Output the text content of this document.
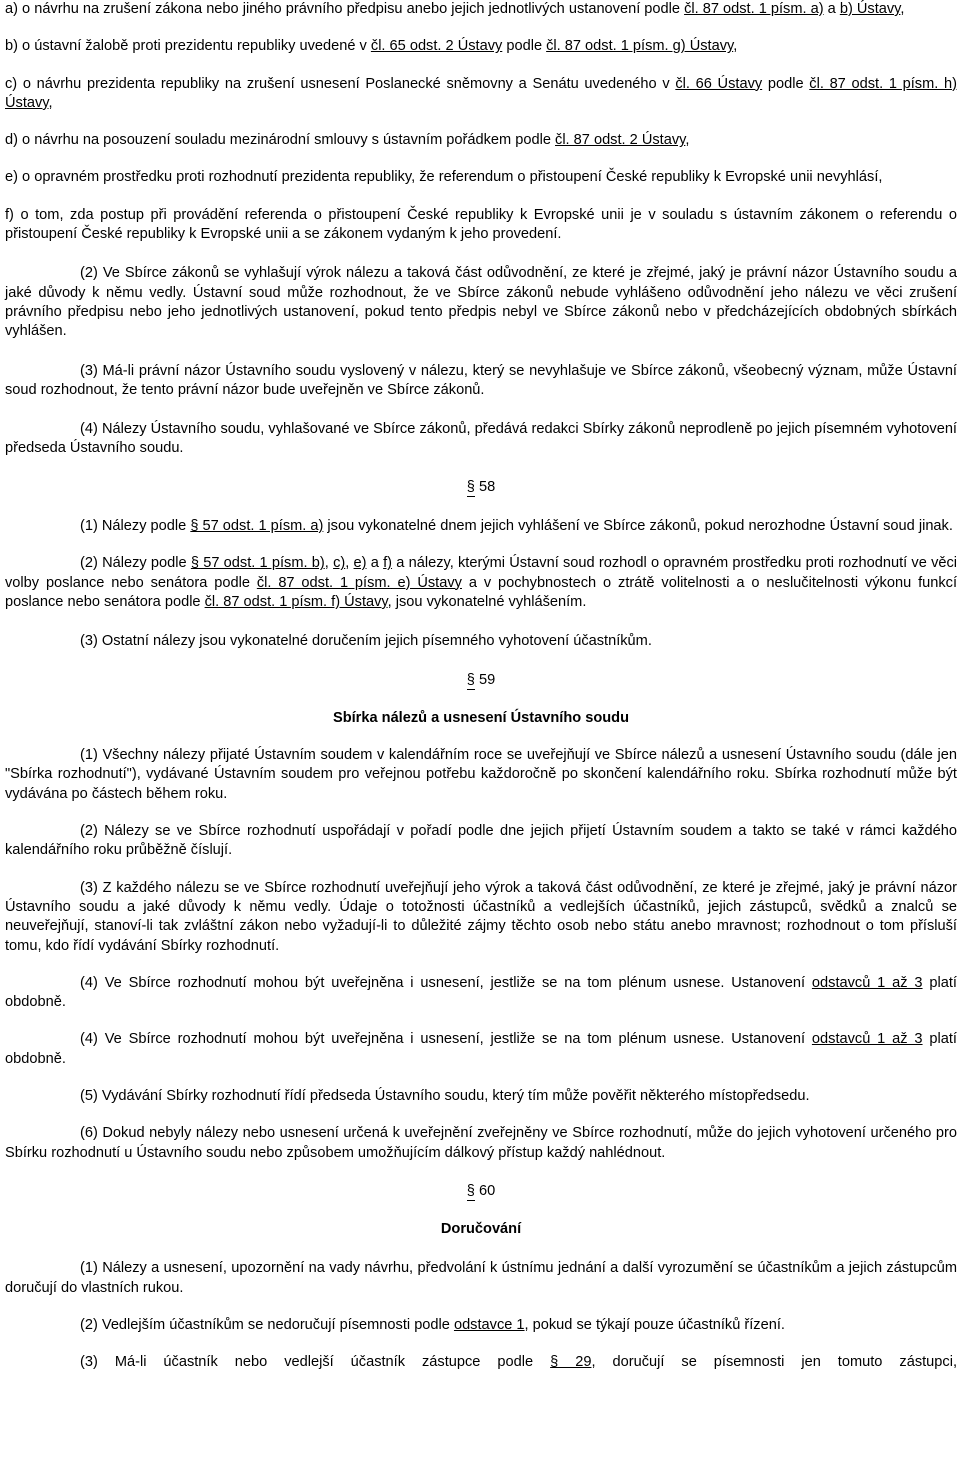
a) o návrhu na zrušení zákona nebo jiného právního předpisu anebo jejich jednotlivých ustanovení podle čl. 87 odst. 1 písm. a) a b) Ústavy,

b) o ústavní žalobě proti prezidentu republiky uvedené v čl. 65 odst. 2 Ústavy podle čl. 87 odst. 1 písm. g) Ústavy,

c) o návrhu prezidenta republiky na zrušení usnesení Poslanecké sněmovny a Senátu uvedeného v čl. 66 Ústavy podle čl. 87 odst. 1 písm. h) Ústavy,

d) o návrhu na posouzení souladu mezinárodní smlouvy s ústavním pořádkem podle čl. 87 odst. 2 Ústavy,

e) o opravném prostředku proti rozhodnutí prezidenta republiky, že referendum o přistoupení České republiky k Evropské unii nevyhlásí,

f) o tom, zda postup při provádění referenda o přistoupení České republiky k Evropské unii je v souladu s ústavním zákonem o referendu o přistoupení České republiky k Evropské unii a se zákonem vydaným k jeho provedení.

(2) Ve Sbírce zákonů se vyhlašují výrok nálezu a taková část odůvodnění, ze které je zřejmé, jaký je právní názor Ústavního soudu a jaké důvody k němu vedly. Ústavní soud může rozhodnout, že ve Sbírce zákonů nebude vyhlášeno odůvodnění jeho nálezu ve věci zrušení právního předpisu nebo jeho jednotlivých ustanovení, pokud tento předpis nebyl ve Sbírce zákonů nebo v předcházejících obdobných sbírkách vyhlášen.

(3) Má-li právní názor Ústavního soudu vyslovený v nálezu, který se nevyhlašuje ve Sbírce zákonů, všeobecný význam, může Ústavní soud rozhodnout, že tento právní názor bude uveřejněn ve Sbírce zákonů.

(4) Nálezy Ústavního soudu, vyhlašované ve Sbírce zákonů, předává redakci Sbírky zákonů neprodleně po jejich písemném vyhotovení předseda Ústavního soudu.

§ 58

(1) Nálezy podle § 57 odst. 1 písm. a) jsou vykonatelné dnem jejich vyhlášení ve Sbírce zákonů, pokud nerozhodne Ústavní soud jinak.

(2) Nálezy podle § 57 odst. 1 písm. b), c), e) a f) a nálezy, kterými Ústavní soud rozhodl o opravném prostředku proti rozhodnutí ve věci volby poslance nebo senátora podle čl. 87 odst. 1 písm. e) Ústavy a v pochybnostech o ztrátě volitelnosti a o neslučitelnosti výkonu funkcí poslance nebo senátora podle čl. 87 odst. 1 písm. f) Ústavy, jsou vykonatelné vyhlášením.

(3) Ostatní nálezy jsou vykonatelné doručením jejich písemného vyhotovení účastníkům.

§ 59

Sbírka nálezů a usnesení Ústavního soudu

(1) Všechny nálezy přijaté Ústavním soudem v kalendářním roce se uveřejňují ve Sbírce nálezů a usnesení Ústavního soudu (dále jen "Sbírka rozhodnutí"), vydávané Ústavním soudem pro veřejnou potřebu každoročně po skončení kalendářního roku. Sbírka rozhodnutí může být vydávána po částech během roku.

(2) Nálezy se ve Sbírce rozhodnutí uspořádají v pořadí podle dne jejich přijetí Ústavním soudem a takto se také v rámci každého kalendářního roku průběžně číslují.

(3) Z každého nálezu se ve Sbírce rozhodnutí uveřejňují jeho výrok a taková část odůvodnění, ze které je zřejmé, jaký je právní názor Ústavního soudu a jaké důvody k němu vedly. Údaje o totožnosti účastníků a vedlejších účastníků, jejich zástupců, svědků a znalců se neuveřejňují, stanoví-li tak zvláštní zákon nebo vyžadují-li to důležité zájmy těchto osob nebo státu anebo mravnost; rozhodnout o tom přísluší tomu, kdo řídí vydávání Sbírky rozhodnutí.

(4) Ve Sbírce rozhodnutí mohou být uveřejněna i usnesení, jestliže se na tom plénum usnese. Ustanovení odstavců 1 až 3 platí obdobně.

(4) Ve Sbírce rozhodnutí mohou být uveřejněna i usnesení, jestliže se na tom plénum usnese. Ustanovení odstavců 1 až 3 platí obdobně.

(5) Vydávání Sbírky rozhodnutí řídí předseda Ústavního soudu, který tím může pověřit některého místopředsedu.

(6) Dokud nebyly nálezy nebo usnesení určená k uveřejnění zveřejněny ve Sbírce rozhodnutí, může do jejich vyhotovení určeného pro Sbírku rozhodnutí u Ústavního soudu nebo způsobem umožňujícím dálkový přístup každý nahlédnout.

§ 60

Doručování

(1) Nálezy a usnesení, upozornění na vady návrhu, předvolání k ústnímu jednání a další vyrozumění se účastníkům a jejich zástupcům doručují do vlastních rukou.

(2) Vedlejším účastníkům se nedoručují písemnosti podle odstavce 1, pokud se týkají pouze účastníků řízení.

(3) Má-li účastník nebo vedlejší účastník zástupce podle § 29, doručují se písemnosti jen tomuto zástupci,
